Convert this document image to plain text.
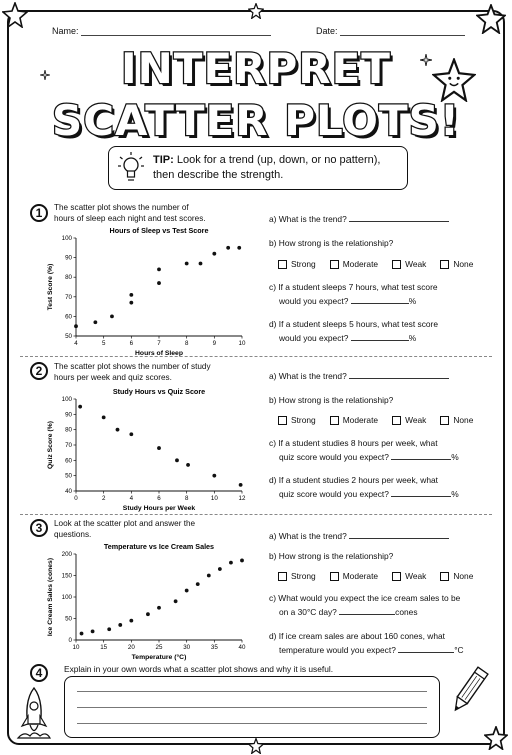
Name:	Date:
INTERPRET
SCATTER PLOTS!
TIP: Look for a trend (up, down, or no pattern), then describe the strength.
1	The scatter plot shows the number of
hours of sleep each night and test scores.
Hours of Sleep vs Test Score
4	5	6	7	8	9	10
50
60
70
80
90
100
Hours of Sleep
Test Score (%)
a) What is the trend?
b) How strong is the relationship?
Strong	Moderate	Weak	None
c) If a student sleeps 7 hours, what test score
would you expect?	%
d) If a student sleeps 5 hours, what test score
would you expect?	%
2	The scatter plot shows the number of study
hours per week and quiz scores.
Study Hours vs Quiz Score
0	2	4	6	8	10	12
40
50
60
70
80
90
100
Study Hours per Week
Quiz Score (%)
a) What is the trend?
b) How strong is the relationship?
Strong	Moderate	Weak	None
c) If a student studies 8 hours per week, what
quiz score would you expect?	%
d) If a student studies 2 hours per week, what
quiz score would you expect?	%
3	Look at the scatter plot and answer the
questions.
Temperature vs Ice Cream Sales
10	15	20	25	30	35	40
0
50
100
150
200
Temperature (°C)
Ice Cream Sales (cones)
a) What is the trend?
b) How strong is the relationship?
Strong	Moderate	Weak	None
c) What would you expect the ice cream sales to be
on a 30°C day?	cones
d) If ice cream sales are about 160 cones, what
temperature would you expect?	°C
4	Explain in your own words what a scatter plot shows and why it is useful.
